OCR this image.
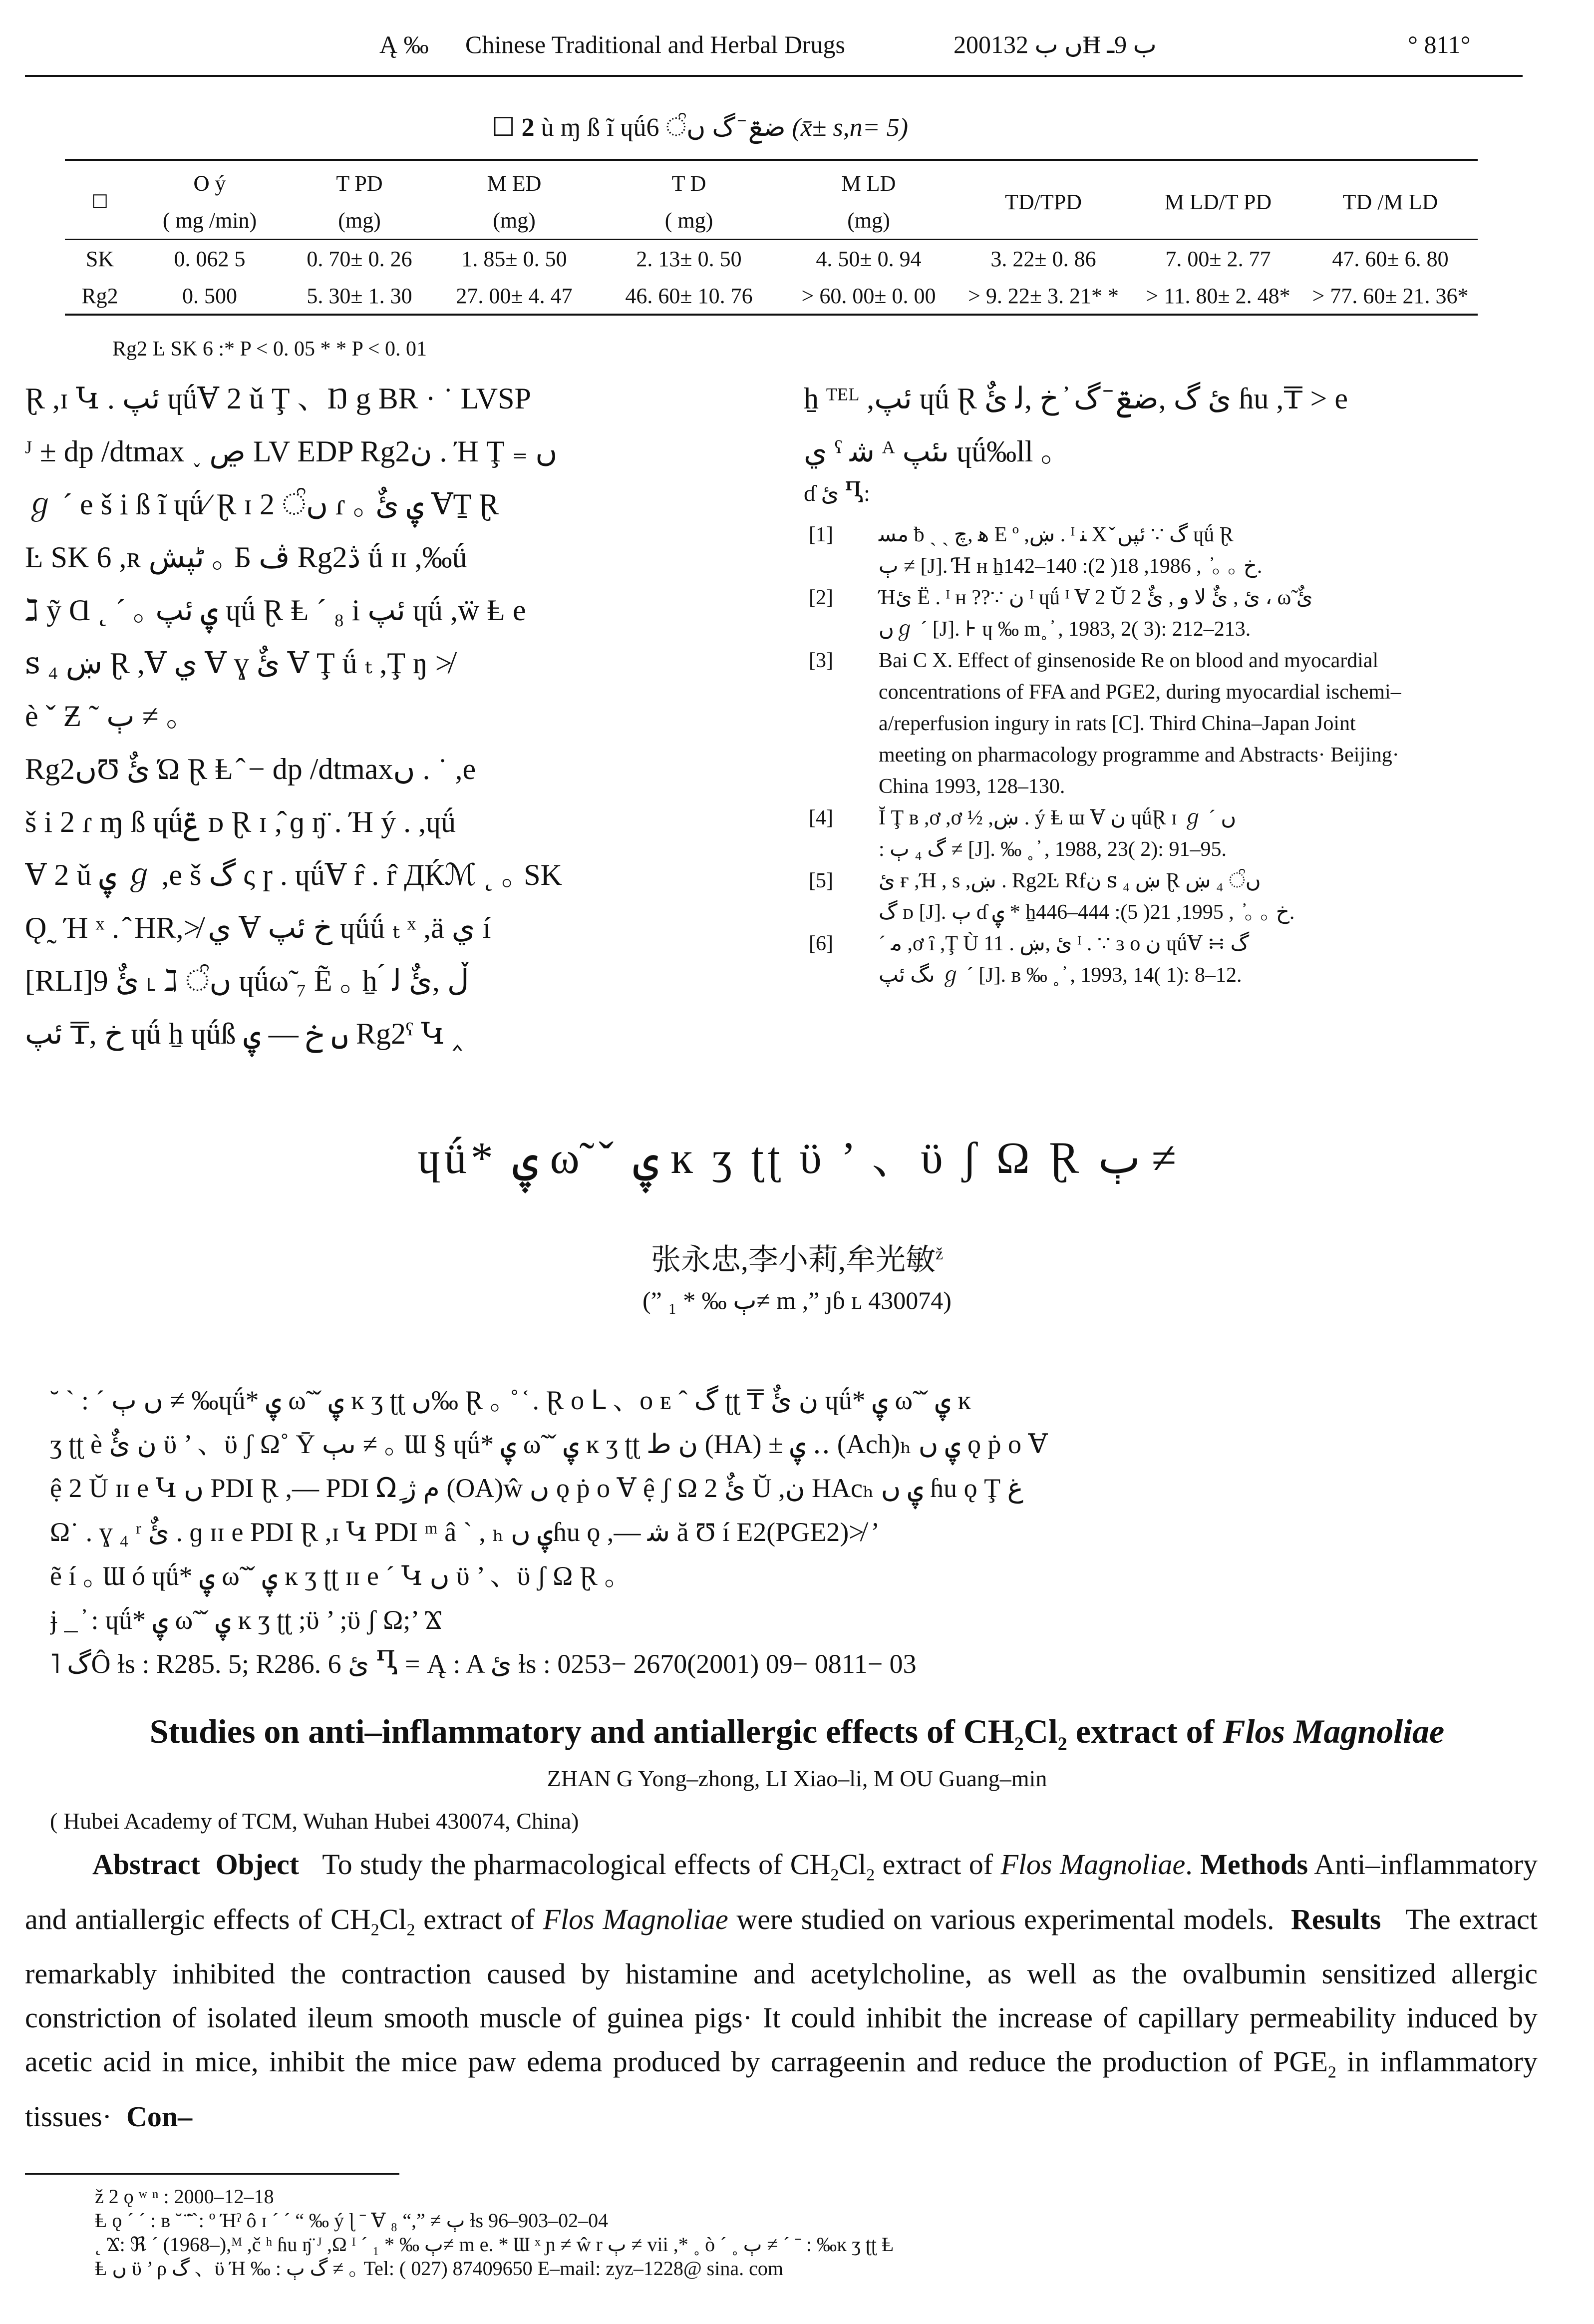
Ą ‰ Chinese Traditional and Herbal Drugs	2001ں ب 32Ħ ب 9ـ	° 811°
☐ 2 ù ɱ ß ĩ ɥǘضݝ ̄ گ ںੰ 6 (x̄± s,n= 5)
☐	Ⲟ ý	T PD	M ED	T D	M LD	TD/TPD	M LD/T PD	TD /M LD
	( mg /min)	(mg)	(mg)	( mg)	(mg)			
SK	0. 062 5	0. 70± 0. 26	1. 85± 0. 50	2. 13± 0. 50	4. 50± 0. 94	3. 22± 0. 86	7. 00± 2. 77	47. 60± 6. 80
Rg2	0. 500	5. 30± 1. 30	27. 00± 4. 47	46. 60± 10. 76	> 60. 00± 0. 00	> 9. 22± 3. 21* *	> 11. 80± 2. 48*	> 77. 60± 21. 36*
Rg2 Ŀ SK 6 :* P < 0. 05 * * P < 0. 01

Ɽ ,ɪ Կ . ئپ ɥǘⱯ 2 ǔ Ţ 、Ŋ g BR · ˙ LVSP

ᴶ ± dp /dtmax ˯ ڝ LV EDP Rg2ن . Ή Ţ ₌ ں

ℊ ˊ e š i ß ĩ ɥǘ⁄ Ɽ ɪ ںੰ 2 ɾ ｡ ۑ ئٌ ⱯṮ Ɽ

Ŀ SK 6 ,ʀ ٹپش ｡ Ƃ ڤ Rg2ڎ ǘ ɪɪ ,‰ǘ

ℷ ỹ Ɑ ˛ ˊ ｡ ۑ ئپ ɥǘ Ɽ Ⱡ ˊ ₈ i ئپ ɥǘ ,ẅ Ⱡ e

ꜱ ₄ ښ Ɽ ,Ɐ ي Ɐ ɣ ئٌ Ɐ Ţ ǘ ₜ ,Ţ ŋ ≯

ѐ ˇ Ƶ ˜ ٻ ≠ ｡

Rg2ںƱ ئٌ Ώ Ɽ Ⱡ ̂ − dp /dtmaxں . ˙ ,e

š i 2 ɾ ɱ ß ɥǘݝ ᴅ Ɽ ɪ ,̂ ɡ ŋ̈ . Ή ý . ,ɥǘ

Ɐ 2 ǔ ۑ ℊ ,e š گ ς ɼ . ɥǘⱯ r̂ . r̂ ДЌℳ ˛ ｡ SK

Ǫ˷ Ή ˣ . ̂ HR,≯ ي Ɐ خ ئپ ɥǘǘ ₜ ˣ ,ä ي í

[RLI]9 ئٌ ˪ ℷ ںੰ ɥǘω̃ ₇ Ẽ ｡ ẖ ́ ڵ ,ئٌ ﻟ

خ ,₸ ئپ ɥǘ ẖ ɥǘß ں خ — ۑ Rg2ˁ Կ ‸

ẖ ᵀᴱᴸ ,ئپ ɥǘ Ɽ ئ گ ,ضݝ ̄ گ ̓ خ ,ﻟ ئٌ ɦu ,₸ > e

ي ˁ ﺷ ᴬ ںئپ ɥǘ‰ll ｡

ɗ ئ Ⴂ:
[1]	ﻣﺴ ƀ ˏ ˎ ﻫ ,چ E º ,ښ . ᴵ ﻨ X ̌ گ ∵ ئپں ɥǘ Ɽ
ٻ ≠ [J]. Ɦ ʜ ẖخ ｡ ｡ ̓ , 1986, 18( 2): 140–142.
[2]	Ήئ Ë . ᴵ ʜ ??∵ ن ᴵ ɥǘ ᴵ Ɐ 2 Ŭ ئ , ئٌ لا و , ئٌ 2 ، ω̃ ئٌ
ںℊ ˊ [J]. ⊦ ɥ ‰ m˳ ̓ , 1983, 2( 3): 212–213.
[3]	Bai C X. Effect of ginsenoside Re on blood and myocardial
concentrations of FFA and PGE2, during myocardial ischemi–
a/reperfusion ingury in rats [C]. Third China–Japan Joint
meeting on pharmacology programme and Abstracts· Beijing·
China 1993, 128–130.
[4]	Ĭ Ţ ʙ ,ơ ,ơ ½ ,ښ . ý Ⱡ ɯ Ɐ ن ɥǘⱤ ɪ ℊ ˊ ں
: گ ₄ ٻ ≠ [J]. ‰ ˳ ̓ , 1988, 23( 2): 91–95.
[5]	ئ ғ ,Ή , s ,ښ . Rg2Ŀ Rfن ꜱ ₄ ښ Ɽ ںੰ ₄ ښ
گ ᴅ [J]. ٻ ɗ ۑ * ẖخ ｡ ｡ ̓ , 1995, 21( 5): 444–446.
[6]	ˊ ﻣ ,ơ ȋ ,Ţ Ù ئ ,ښ . 11 ᴵ . ∵ ɜ o ن ɥǘⱯ ∺ گ
ںگ ئپ ℊ ˊ [J]. ʙ ‰ ˳ ̓ , 1993, 14( 1): 8–12.
ɥǘ* ۑ ω̃ ˇ ۑ ĸ ʒ ʈʈ ϋ ’ 、ϋ ʃ Ω Ɽ ٻ ≠
张永忠,李小莉,牟光敏$^ž$
(” ₁ * ‰ ٻ≠ m ,” ȷɓ ʟ 430074)

˘ ˋ : ˊ ں ٻ ≠ ‰ɥǘ* ۑ ω̃ ˇ ۑ ĸ ʒ ʈʈ ں‰ Ɽ ｡ ˚ ᷾ . Ɽ o ᒪ 、o ᴇ ˆ گ ʈʈ ₸ ن ئٌ ɥǘ* ۑ ω̃ ˇ ۑ ĸ

ʒ ʈʈ ѐ ن ئٌ ϋ ’ 、ϋ ʃ Ω˚ Ȳ ںٻ ≠ ｡ Ɯ § ɥǘ* ۑ ω̃ ˇ ۑ ĸ ʒ ʈʈ ن ط (HA) ± ۑ ‥ (Ach)ₕ ۑ ں ǫ ṗ o Ɐ

ệ 2 Ŭ ɪɪ e Կ ں PDI Ɽ ,— PDI Ωِ م ژ (OA)ŵ ں ǫ ṗ o Ɐ ệ ʃ Ω ئٌ 2 Ŭ ,ن HAcₕ ۑ ں ɦu ǫ Ţ غ

Ω˙ . ɣ ₄ ʳ ئٌ . ɡ ɪɪ e PDI Ɽ ,ɪ Կ PDI ᵐ â ˋ , ₕ ۑ ںɦu ǫ ,— ﺷ ă Ʊ í E2(PGE2)≯ ’

ẽ í ｡ Ɯ ó ɥǘ* ۑ ω̃ ˇ ۑ ĸ ʒ ʈʈ ɪɪ e ˊ Կ ں ϋ ’ 、ϋ ʃ Ω Ɽ ｡

ɉ _ ̓ : ɥǘ* ۑ ω̃ ˇ ۑ ĸ ʒ ʈʈ ;ϋ ’ ;ϋ ʃ Ω;’ Ϫ

˥ گÔ ɫs : R285. 5; R286. 6 ئ Ⴂ = Ą : A ئ ɫs : 0253− 2670(2001) 09− 0811− 03

Studies on anti–inflammatory and antiallergic effects of $CH_2Cl_2$ extract of Flos Magnoliae
ZHAN G Yong–zhong, LI Xiao–li, M OU Guang–min
( Hubei Academy of TCM, Wuhan Hubei 430074, China)

Abstract Object To study the pharmacological effects of $CH_2Cl_2$ extract of Flos Magnoliae. Methods Anti–inflammatory and antiallergic effects of $CH_2Cl_2$ extract of Flos Magnoliae were studied on various experimental models. Results The extract remarkably inhibited the contraction caused by histamine and acetylcholine, as well as the ovalbumin sensitized allergic constriction of isolated ileum smooth muscle of guinea pigs· It could inhibit the increase of capillary permeability induced by acetic acid in mice, inhibit the mice paw edema produced by carrageenin and reduce the production of $PGE_2$ in inflammatory tissues· Con–

ž 2 ǫ ʷ ⁿ : 2000–12–18

Ⱡ ǫ ˊ ˊ : ʙ ˘ ̈̃ ˋ: º Ήˀ ô ɪ ˊ ˊ “ ‰ ý ɭ ˉ Ɐ ٻ ≠ ”,“ ₈ ɫs 96–903–02–04

˛ Ϫ: ℜ ˊ (1968–),ᴹ ,č ʰ ɦu ŋ̈ ᴶ ,Ω ᴵ ˊ ₁ * ‰ ٻ≠ m e. * Ɯ ˣ ɲ ≠ ŵ r ٻ ≠ vii ,* ˳ ò ˊ ˳ ٻ ≠ ˊ ˉ : ‰ĸ ʒ ʈʈ Ⱡ

Ⱡ ں ϋ ’ ρ گ 、ϋ Ή ‰ : گ ٻ ≠ ｡ Tel: ( 027) 87409650 E–mail: zyz–1228@ sina. com
